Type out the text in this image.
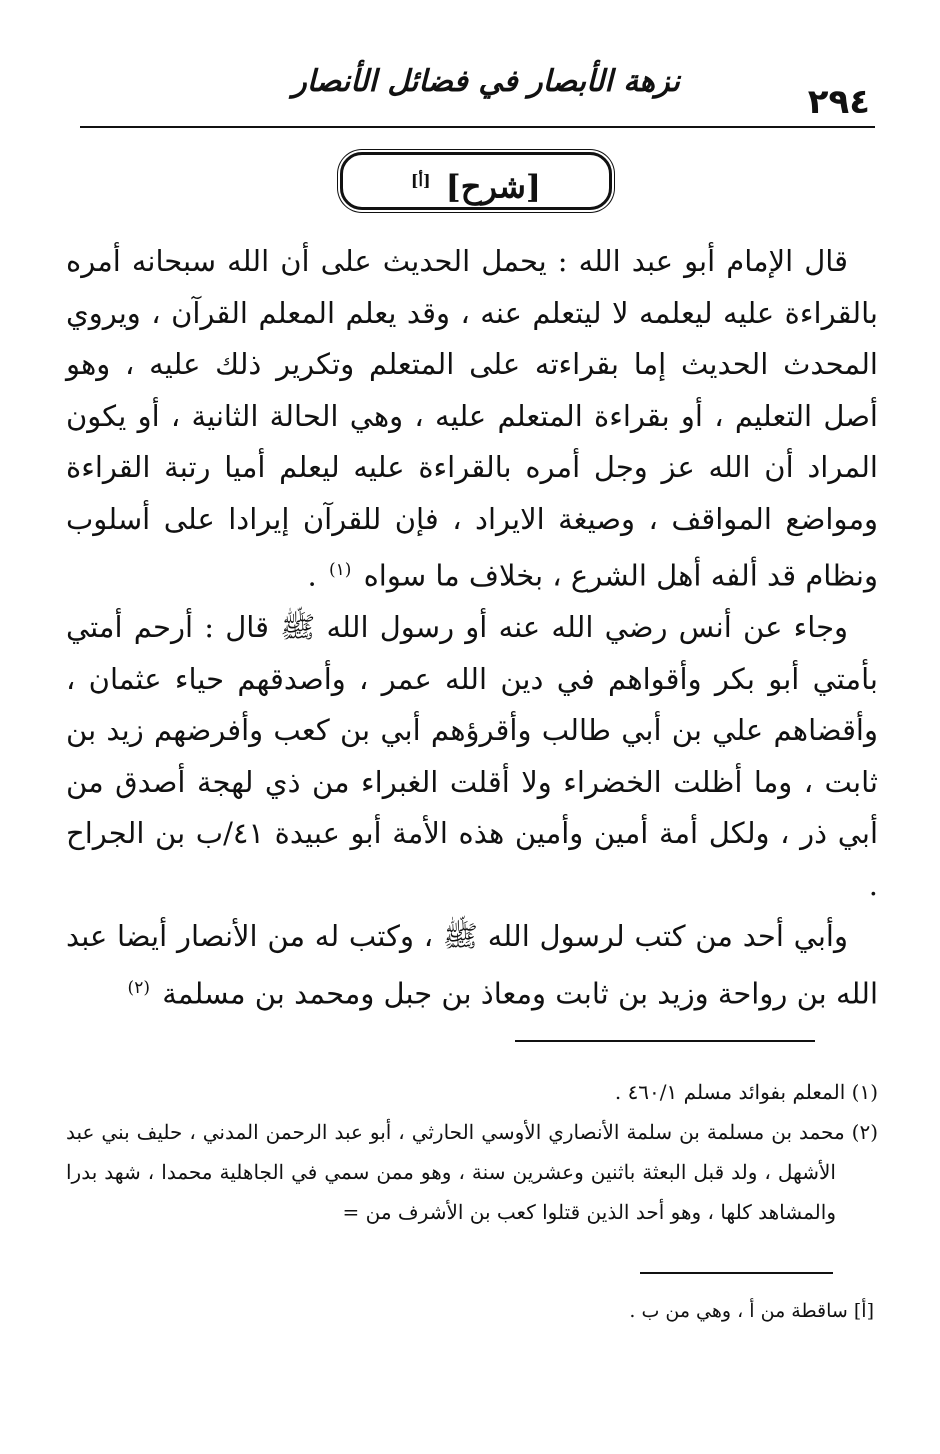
نزهة الأبصار في فضائل الأنصار
٢٩٤
[شرح] [أ]

قال الإمام أبو عبد الله : يحمل الحديث على أن الله سبحانه أمره بالقراءة عليه ليعلمه لا ليتعلم عنه ، وقد يعلم المعلم القرآن ، ويروي المحدث الحديث إما بقراءته على المتعلم وتكرير ذلك عليه ، وهو أصل التعليم ، أو بقراءة المتعلم عليه ، وهي الحالة الثانية ، أو يكون المراد أن الله عز وجل أمره بالقراءة عليه ليعلم أميا رتبة القراءة ومواضع المواقف ، وصيغة الايراد ، فإن للقرآن إيرادا على أسلوب ونظام قد ألفه أهل الشرع ، بخلاف ما سواه $^{(١)}$ .

وجاء عن أنس رضي الله عنه أو رسول الله ﷺ قال : أرحم أمتي بأمتي أبو بكر وأقواهم في دين الله عمر ، وأصدقهم حياء عثمان ، وأقضاهم علي بن أبي طالب وأقرؤهم أبي بن كعب وأفرضهم زيد بن ثابت ، وما أظلت الخضراء ولا أقلت الغبراء من ذي لهجة أصدق من أبي ذر ، ولكل أمة أمين وأمين هذه الأمة أبو عبيدة ٤١/ب بن الجراح .

وأبي أحد من كتب لرسول الله ﷺ ، وكتب له من الأنصار أيضا عبد الله بن رواحة وزيد بن ثابت ومعاذ بن جبل ومحمد بن مسلمة $^{(٢)}$

(١) المعلم بفوائد مسلم ٤٦٠/١ .

(٢) محمد بن مسلمة بن سلمة الأنصاري الأوسي الحارثي ، أبو عبد الرحمن المدني ، حليف بني عبد الأشهل ، ولد قبل البعثة باثنين وعشرين سنة ، وهو ممن سمي في الجاهلية محمدا ، شهد بدرا والمشاهد كلها ، وهو أحد الذين قتلوا كعب بن الأشرف من =

[أ] ساقطة من أ ، وهي من ب .
